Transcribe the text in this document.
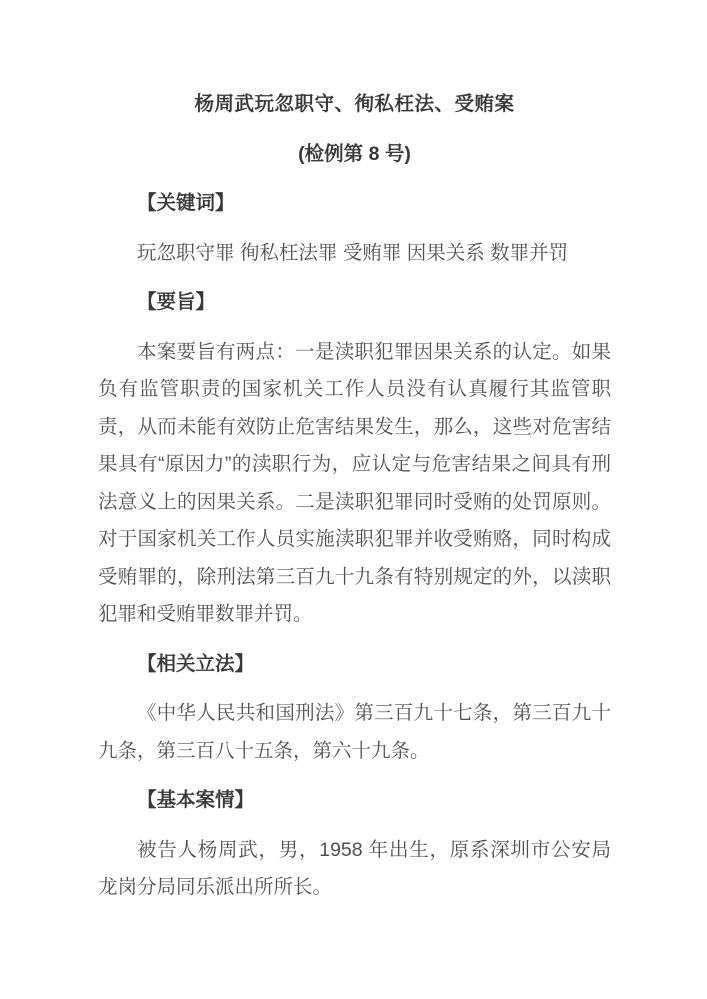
杨周武玩忽职守、徇私枉法、受贿案
(检例第 8 号)
【关键词】

玩忽职守罪 徇私枉法罪 受贿罪 因果关系 数罪并罚

【要旨】

本案要旨有两点：一是渎职犯罪因果关系的认定。如果负有监管职责的国家机关工作人员没有认真履行其监管职责，从而未能有效防止危害结果发生，那么，这些对危害结果具有“原因力”的渎职行为，应认定与危害结果之间具有刑法意义上的因果关系。二是渎职犯罪同时受贿的处罚原则。对于国家机关工作人员实施渎职犯罪并收受贿赂，同时构成受贿罪的，除刑法第三百九十九条有特别规定的外，以渎职犯罪和受贿罪数罪并罚。

【相关立法】

《中华人民共和国刑法》第三百九十七条，第三百九十九条，第三百八十五条，第六十九条。

【基本案情】

被告人杨周武，男，1958 年出生，原系深圳市公安局龙岗分局同乐派出所所长。
